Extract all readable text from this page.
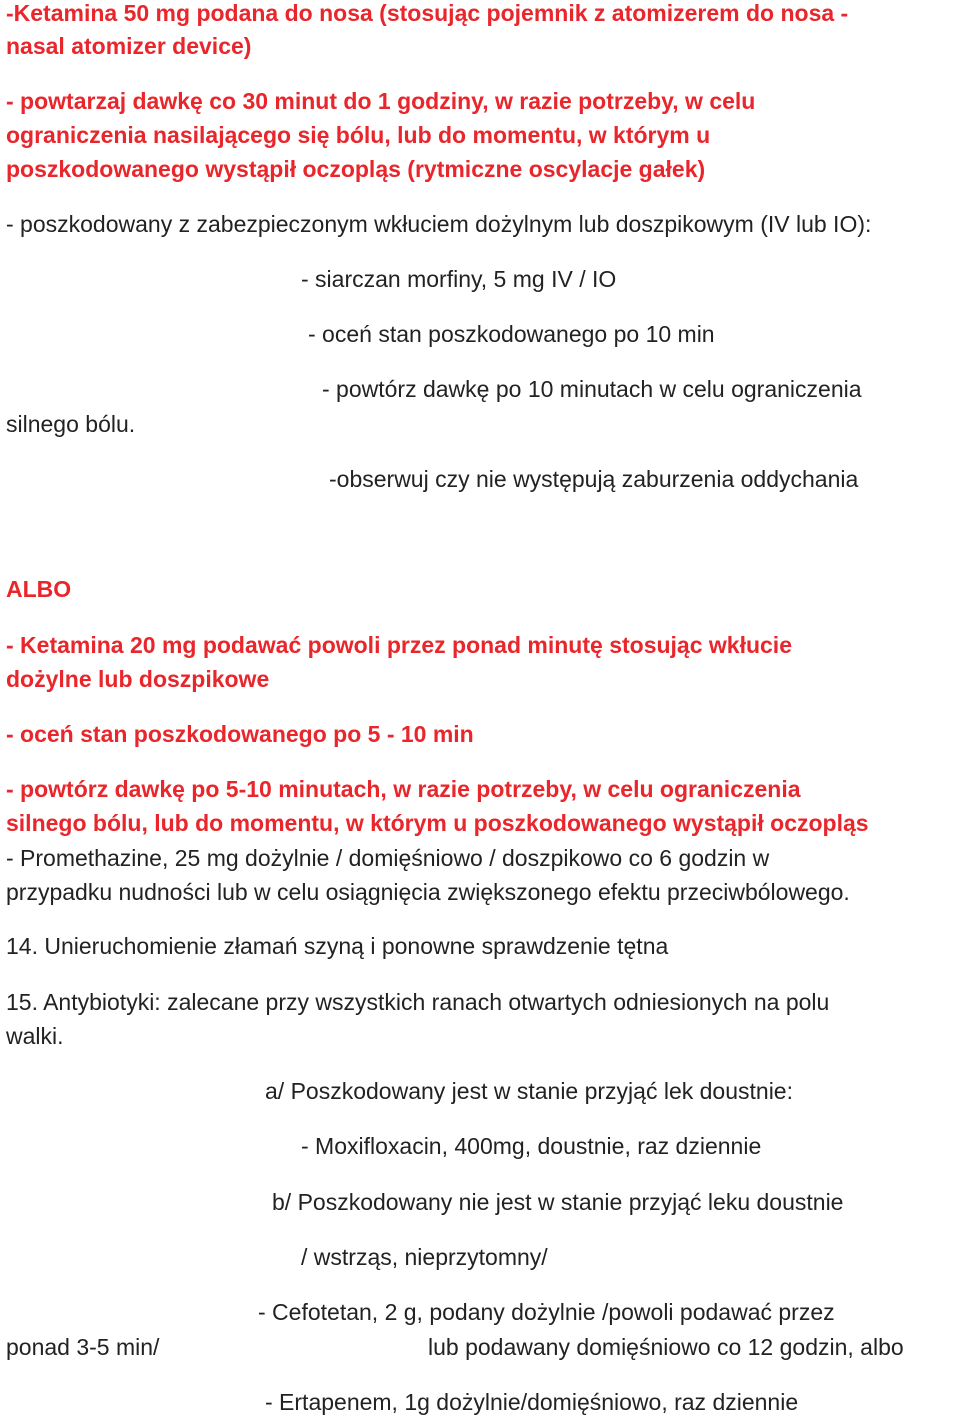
-Ketamina 50 mg podana do nosa (stosując pojemnik z atomizerem do nosa -

nasal atomizer device)

- powtarzaj dawkę co 30 minut do 1 godziny, w razie potrzeby, w celu

ograniczenia nasilającego się bólu, lub do momentu, w którym u

poszkodowanego wystąpił oczopląs (rytmiczne oscylacje gałek)

- poszkodowany z zabezpieczonym wkłuciem dożylnym lub doszpikowym (IV lub IO):

- siarczan morfiny, 5 mg IV / IO

- oceń stan poszkodowanego po 10 min

- powtórz dawkę po 10 minutach w celu ograniczenia

silnego bólu.

-obserwuj czy nie występują zaburzenia oddychania

ALBO

- Ketamina 20 mg podawać powoli przez ponad minutę stosując wkłucie

dożylne lub doszpikowe

- oceń stan poszkodowanego po 5 - 10 min

- powtórz dawkę po 5-10 minutach, w razie potrzeby, w celu ograniczenia

silnego bólu, lub do momentu, w którym u poszkodowanego wystąpił oczopląs

- Promethazine, 25 mg dożylnie / domięśniowo / doszpikowo co 6 godzin w

przypadku nudności lub w celu osiągnięcia zwiększonego efektu przeciwbólowego.

14. Unieruchomienie złamań szyną i ponowne sprawdzenie tętna

15. Antybiotyki: zalecane przy wszystkich ranach otwartych odniesionych na polu

walki.

a/ Poszkodowany jest w stanie przyjąć lek doustnie:

- Moxifloxacin, 400mg, doustnie, raz dziennie

b/ Poszkodowany nie jest w stanie przyjąć leku doustnie

/ wstrząs, nieprzytomny/

- Cefotetan, 2 g, podany dożylnie /powoli podawać przez

ponad 3-5 min/	lub podawany domięśniowo co 12 godzin, albo

- Ertapenem, 1g dożylnie/domięśniowo, raz dziennie
